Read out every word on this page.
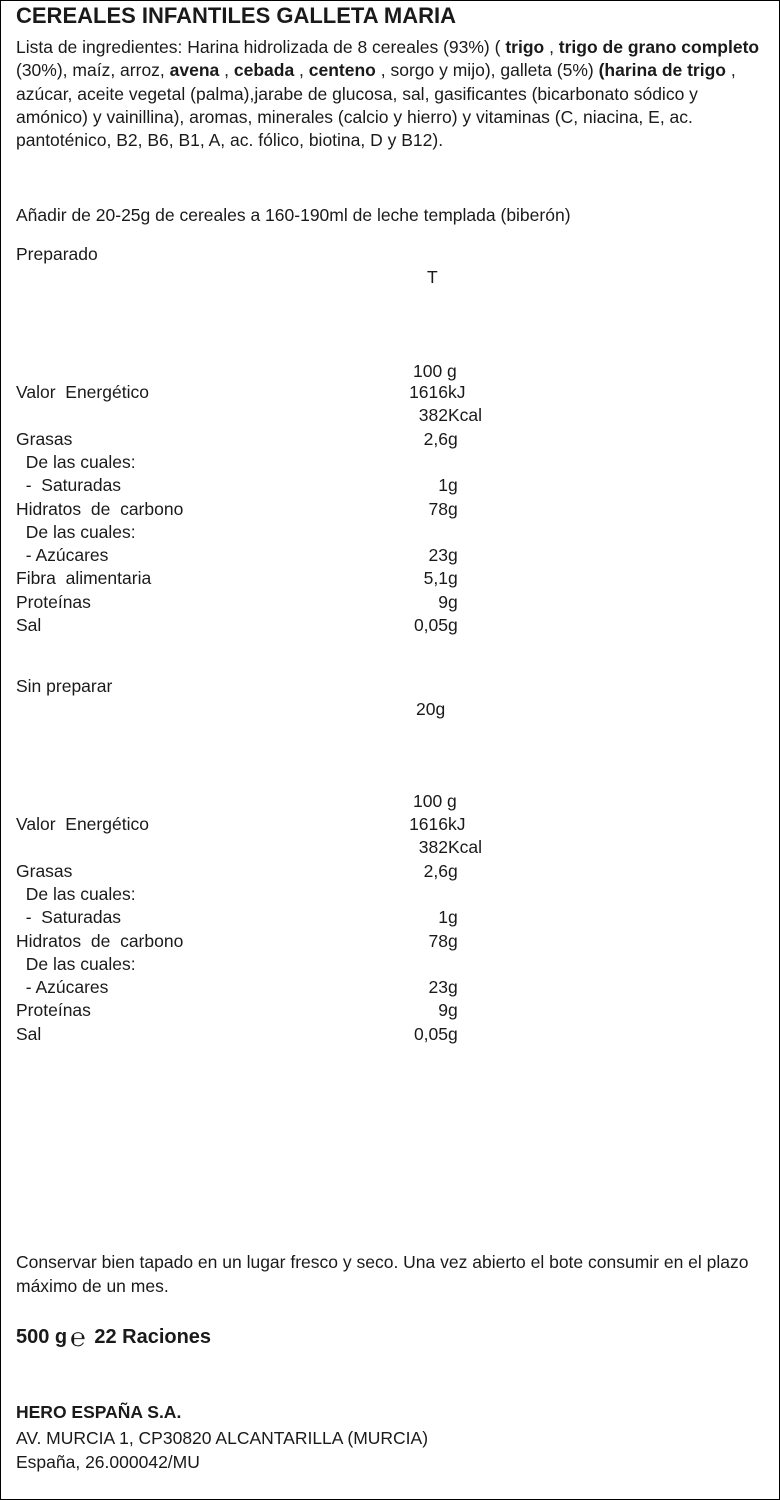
CEREALES INFANTILES GALLETA MARIA
Lista de ingredientes: Harina hidrolizada de 8 cereales (93%) ( trigo , trigo de grano completo (30%), maíz, arroz, avena , cebada , centeno , sorgo y mijo), galleta (5%) (harina de trigo , azúcar, aceite vegetal (palma),jarabe de glucosa, sal, gasificantes (bicarbonato sódico y amónico) y vainillina), aromas, minerales (calcio y hierro) y vitaminas (C, niacina, E, ac. pantoténico, B2, B6, B1, A, ac. fólico, biotina, D y B12).
Añadir de 20-25g de cereales a 160-190ml de leche templada (biberón)
Preparado
T
100 g
Valor  Energético	1616 kJ
382 Kcal
Grasas	2,6 g
De las cuales:
-  Saturadas	1 g
Hidratos  de  carbono	78 g
De las cuales:
- Azúcares	23 g
Fibra  alimentaria	5,1 g
Proteínas	9 g
Sal	0,05 g
Sin preparar
20g
100 g
Valor  Energético	1616 kJ
382 Kcal
Grasas	2,6 g
De las cuales:
-  Saturadas	1 g
Hidratos  de  carbono	78 g
De las cuales:
- Azúcares	23 g
Proteínas	9 g
Sal	0,05 g
Conservar bien tapado en un lugar fresco y seco. Una vez abierto el bote consumir en el plazo máximo de un mes.
500 g ℮ 22 Raciones
HERO ESPAÑA S.A.
AV. MURCIA 1, CP30820 ALCANTARILLA (MURCIA)
España, 26.000042/MU
